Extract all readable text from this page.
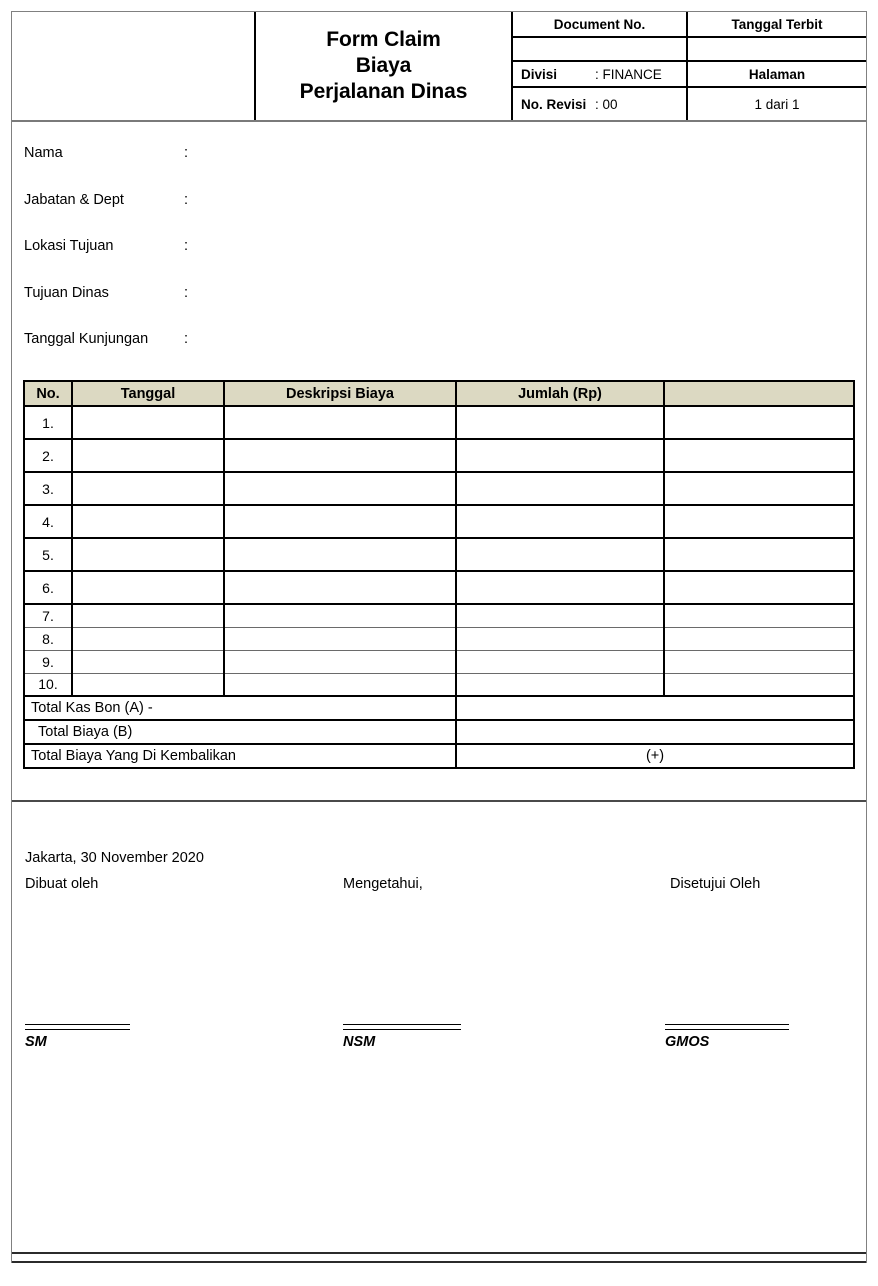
Form Claim
Biaya
Perjalanan Dinas
Document No.	Tanggal Terbit
Divisi	: FINANCE	Halaman
No. Revisi : 00	1 dari 1
Nama	:
Jabatan & Dept	:
Lokasi Tujuan	:
Tujuan Dinas	:
Tanggal Kunjungan	:
No.	Tanggal	Deskripsi Biaya	Jumlah (Rp)	
1.				
2.				
3.				
4.				
5.				
6.				
7.				
8.				
9.				
10.				
Total Kas Bon (A) -				
Total Biaya (B)				
Total Biaya Yang Di Kembalikan			(+)	
Jakarta, 30 November 2020
Dibuat oleh	Mengetahui,	Disetujui Oleh
SM	NSM	GMOS
